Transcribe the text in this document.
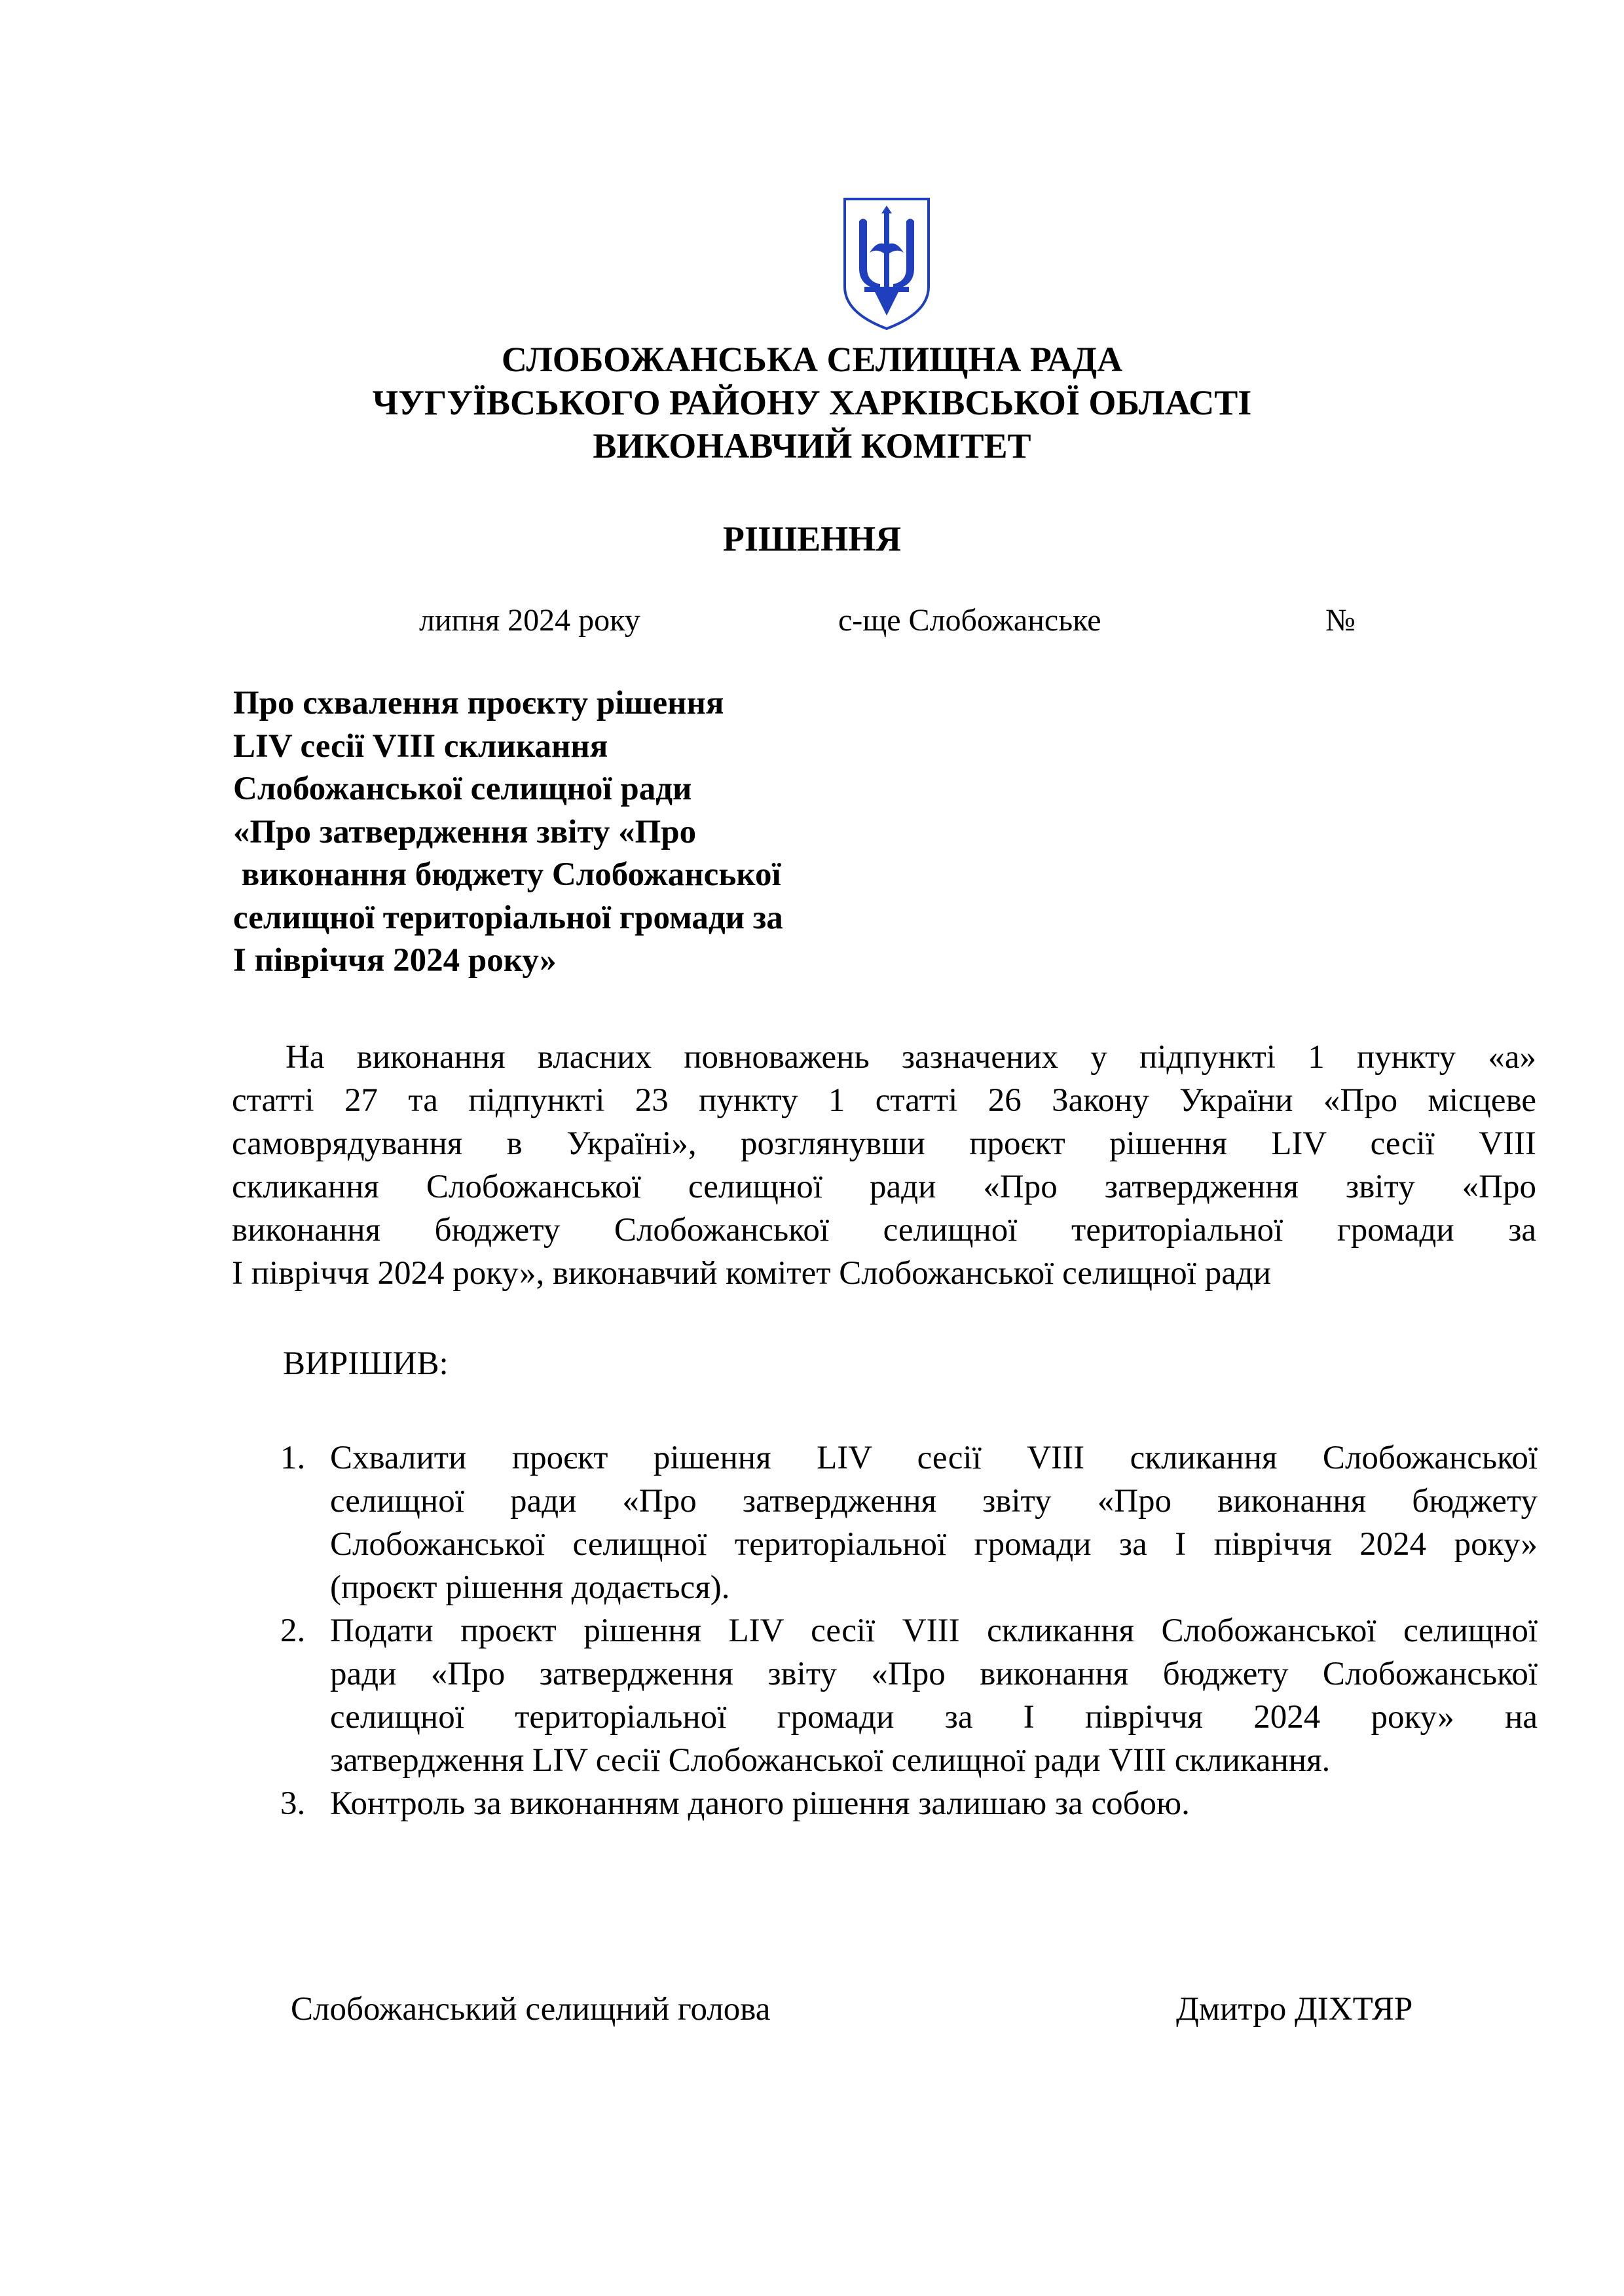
СЛОБОЖАНСЬКА СЕЛИЩНА РАДА
ЧУГУЇВСЬКОГО РАЙОНУ ХАРКІВСЬКОЇ ОБЛАСТІ
ВИКОНАВЧИЙ КОМІТЕТ
РІШЕННЯ
липня 2024 року	с-ще Слобожанське	№
Про схвалення проєкту рішення
LIV сесії VIII скликання
Слобожанської селищної ради
«Про затвердження звіту «Про
виконання бюджету Слобожанської
селищної територіальної громади за
I півріччя 2024 року»
На виконання власних повноважень зазначених у підпункті 1 пункту «а»
статті 27 та підпункті 23 пункту 1 статті 26 Закону України «Про місцеве
самоврядування в Україні», розглянувши проєкт рішення LIV сесії VIII
скликання Слобожанської селищної ради «Про затвердження звіту «Про
виконання бюджету Слобожанської селищної територіальної громади за
I півріччя 2024 року», виконавчий комітет Слобожанської селищної ради
ВИРІШИВ:
1. Схвалити проєкт рішення LIV сесії VIII скликання Слобожанської
селищної ради «Про затвердження звіту «Про виконання бюджету
Слобожанської селищної територіальної громади за I півріччя 2024 року»
(проєкт рішення додається).
2. Подати проєкт рішення LIV сесії VIII скликання Слобожанської селищної
ради «Про затвердження звіту «Про виконання бюджету Слобожанської
селищної територіальної громади за I півріччя 2024 року» на
затвердження LIV сесії Слобожанської селищної ради VIII скликання.
3. Контроль за виконанням даного рішення залишаю за собою.
Слобожанський селищний голова	Дмитро ДІХТЯР
